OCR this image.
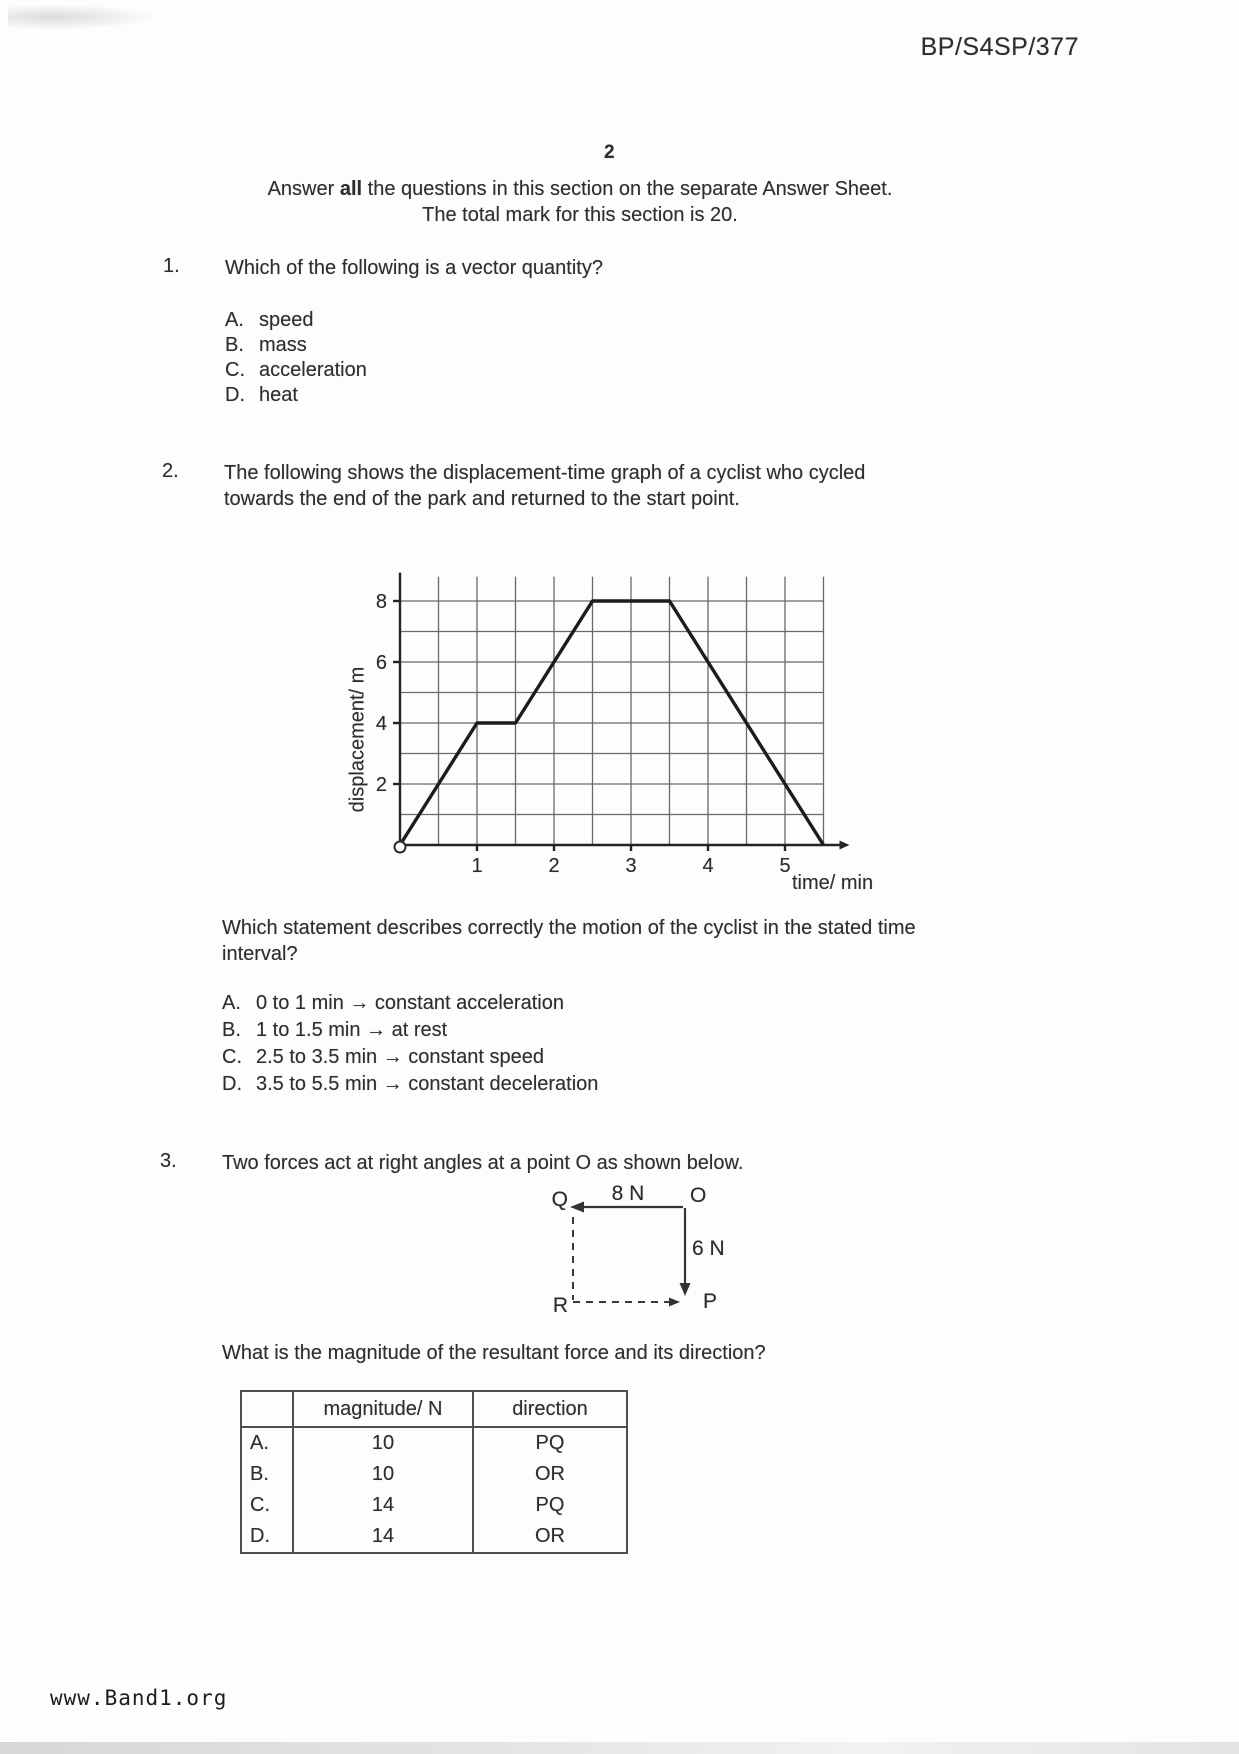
BP/S4SP/377
2
Answer all the questions in this section on the separate Answer Sheet.
The total mark for this section is 20.
1. Which of the following is a vector quantity?
A. speed
B. mass
C. acceleration
D. heat
2. The following shows the displacement-time graph of a cyclist who cycled towards the end of the park and returned to the start point.
2
4
6
8
1	2	3	4	5
displacement/ m
time/ min
Which statement describes correctly the motion of the cyclist in the stated time interval?
A. 0 to 1 min → constant acceleration
B. 1 to 1.5 min → at rest
C. 2.5 to 3.5 min → constant speed
D. 3.5 to 5.5 min → constant deceleration
3. Two forces act at right angles at a point O as shown below.
Q	O
8 N
6 N
R	P
What is the magnitude of the resultant force and its direction?
	magnitude/ N	direction
A.	10	PQ
B.	10	OR
C.	14	PQ
D.	14	OR
www.Band1.org
